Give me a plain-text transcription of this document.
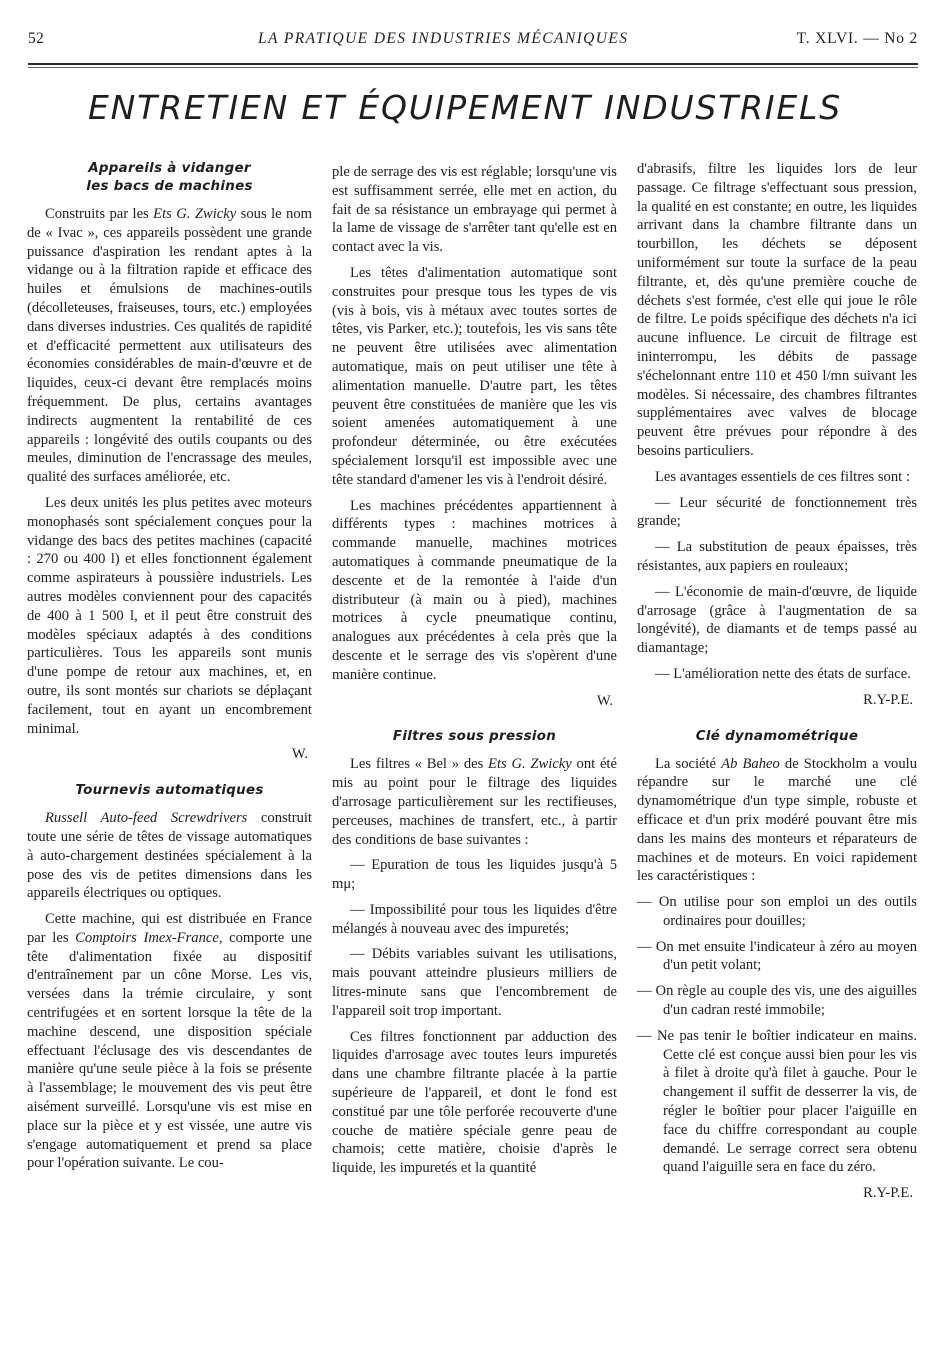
52	LA PRATIQUE DES INDUSTRIES MÉCANIQUES	T. XLVI. — No 2
ENTRETIEN ET ÉQUIPEMENT INDUSTRIELS
Appareils à vidanger
les bacs de machines

Construits par les Ets G. Zwicky sous le nom de « Ivac », ces appareils possèdent une grande puissance d'aspiration les rendant aptes à la vidange ou à la filtration rapide et efficace des huiles et émulsions de machines-outils (décolleteuses, fraiseuses, tours, etc.) employées dans diverses industries. Ces qualités de rapidité et d'efficacité permettent aux utilisateurs des économies considérables de main-d'œuvre et de liquides, ceux-ci devant être remplacés moins fréquemment. De plus, certains avantages indirects augmentent la rentabilité de ces appareils : longévité des outils coupants ou des meules, diminution de l'encrassage des meules, qualité des surfaces améliorée, etc.

Les deux unités les plus petites avec moteurs monophasés sont spécialement conçues pour la vidange des bacs des petites machines (capacité : 270 ou 400 l) et elles fonctionnent également comme aspirateurs à poussière industriels. Les autres modèles conviennent pour des capacités de 400 à 1 500 l, et il peut être construit des modèles spéciaux adaptés à des conditions particulières. Tous les appareils sont munis d'une pompe de retour aux machines, et, en outre, ils sont montés sur chariots se déplaçant facilement, tout en ayant un encombrement minimal.

W.
Tournevis automatiques

Russell Auto-feed Screwdrivers construit toute une série de têtes de vissage automatiques à auto-chargement destinées spécialement à la pose des vis de petites dimensions dans les appareils électriques ou optiques.

Cette machine, qui est distribuée en France par les Comptoirs Imex-France, comporte une tête d'alimentation fixée au dispositif d'entraînement par un cône Morse. Les vis, versées dans la trémie circulaire, y sont centrifugées et en sortent lorsque la tête de la machine descend, une disposition spéciale effectuant l'éclusage des vis descendantes de manière qu'une seule pièce à la fois se présente à l'assemblage; le mouvement des vis peut être aisément surveillé. Lorsqu'une vis est mise en place sur la pièce et y est vissée, une autre vis s'engage automatiquement et prend sa place pour l'opération suivante. Le cou-

ple de serrage des vis est réglable; lorsqu'une vis est suffisamment serrée, elle met en action, du fait de sa résistance un embrayage qui permet à la lame de vissage de s'arrêter tant qu'elle est en contact avec la vis.

Les têtes d'alimentation automatique sont construites pour presque tous les types de vis (vis à bois, vis à métaux avec toutes sortes de têtes, vis Parker, etc.); toutefois, les vis sans tête ne peuvent être utilisées avec alimentation automatique, mais on peut utiliser une tête à alimentation manuelle. D'autre part, les têtes peuvent être constituées de manière que les vis soient amenées automatiquement à une profondeur déterminée, ou être exécutées spécialement lorsqu'il est impossible avec une tête standard d'amener les vis à l'endroit désiré.

Les machines précédentes appartiennent à différents types : machines motrices à commande manuelle, machines motrices automatiques à commande pneumatique de la descente et de la remontée à l'aide d'un distributeur (à main ou à pied), machines motrices à cycle pneumatique continu, analogues aux précédentes à cela près que la descente et le serrage des vis s'opèrent d'une manière continue.

W.
Filtres sous pression

Les filtres « Bel » des Ets G. Zwicky ont été mis au point pour le filtrage des liquides d'arrosage particulièrement sur les rectifieuses, perceuses, machines de transfert, etc., à partir des conditions de base suivantes :

— Epuration de tous les liquides jusqu'à 5 mμ;

— Impossibilité pour tous les liquides d'être mélangés à nouveau avec des impuretés;

— Débits variables suivant les utilisations, mais pouvant atteindre plusieurs milliers de litres-minute sans que l'encombrement de l'appareil soit trop important.

Ces filtres fonctionnent par adduction des liquides d'arrosage avec toutes leurs impuretés dans une chambre filtrante placée à la partie supérieure de l'appareil, et dont le fond est constitué par une tôle perforée recouverte d'une couche de matière spéciale genre peau de chamois; cette matière, choisie d'après le liquide, les impuretés et la quantité

d'abrasifs, filtre les liquides lors de leur passage. Ce filtrage s'effectuant sous pression, la qualité en est constante; en outre, les liquides arrivant dans la chambre filtrante dans un tourbillon, les déchets se déposent uniformément sur toute la surface de la peau filtrante, et, dès qu'une première couche de déchets s'est formée, c'est elle qui joue le rôle de filtre. Le poids spécifique des déchets n'a ici aucune influence. Le circuit de filtrage est ininterrompu, les débits de passage s'échelonnant entre 110 et 450 l/mn suivant les modèles. Si nécessaire, des chambres filtrantes supplémentaires avec valves de blocage peuvent être prévues pour répondre à des besoins particuliers.

Les avantages essentiels de ces filtres sont :

— Leur sécurité de fonctionnement très grande;

— La substitution de peaux épaisses, très résistantes, aux papiers en rouleaux;

— L'économie de main-d'œuvre, de liquide d'arrosage (grâce à l'augmentation de sa longévité), de diamants et de temps passé au diamantage;

— L'amélioration nette des états de surface.

R.Y-P.E.
Clé dynamométrique

La société Ab Baheo de Stockholm a voulu répandre sur le marché une clé dynamométrique d'un type simple, robuste et efficace et d'un prix modéré pouvant être mis dans les mains des monteurs et réparateurs de machines et de moteurs. En voici rapidement les caractéristiques :

— On utilise pour son emploi un des outils ordinaires pour douilles;

— On met ensuite l'indicateur à zéro au moyen d'un petit volant;

— On règle au couple des vis, une des aiguilles d'un cadran resté immobile;

— Ne pas tenir le boîtier indicateur en mains. Cette clé est conçue aussi bien pour les vis à filet à droite qu'à filet à gauche. Pour le changement il suffit de desserrer la vis, de régler le boîtier pour placer l'aiguille en face du chiffre correspondant au couple demandé. Le serrage correct sera obtenu quand l'aiguille sera en face du zéro.

R.Y-P.E.
